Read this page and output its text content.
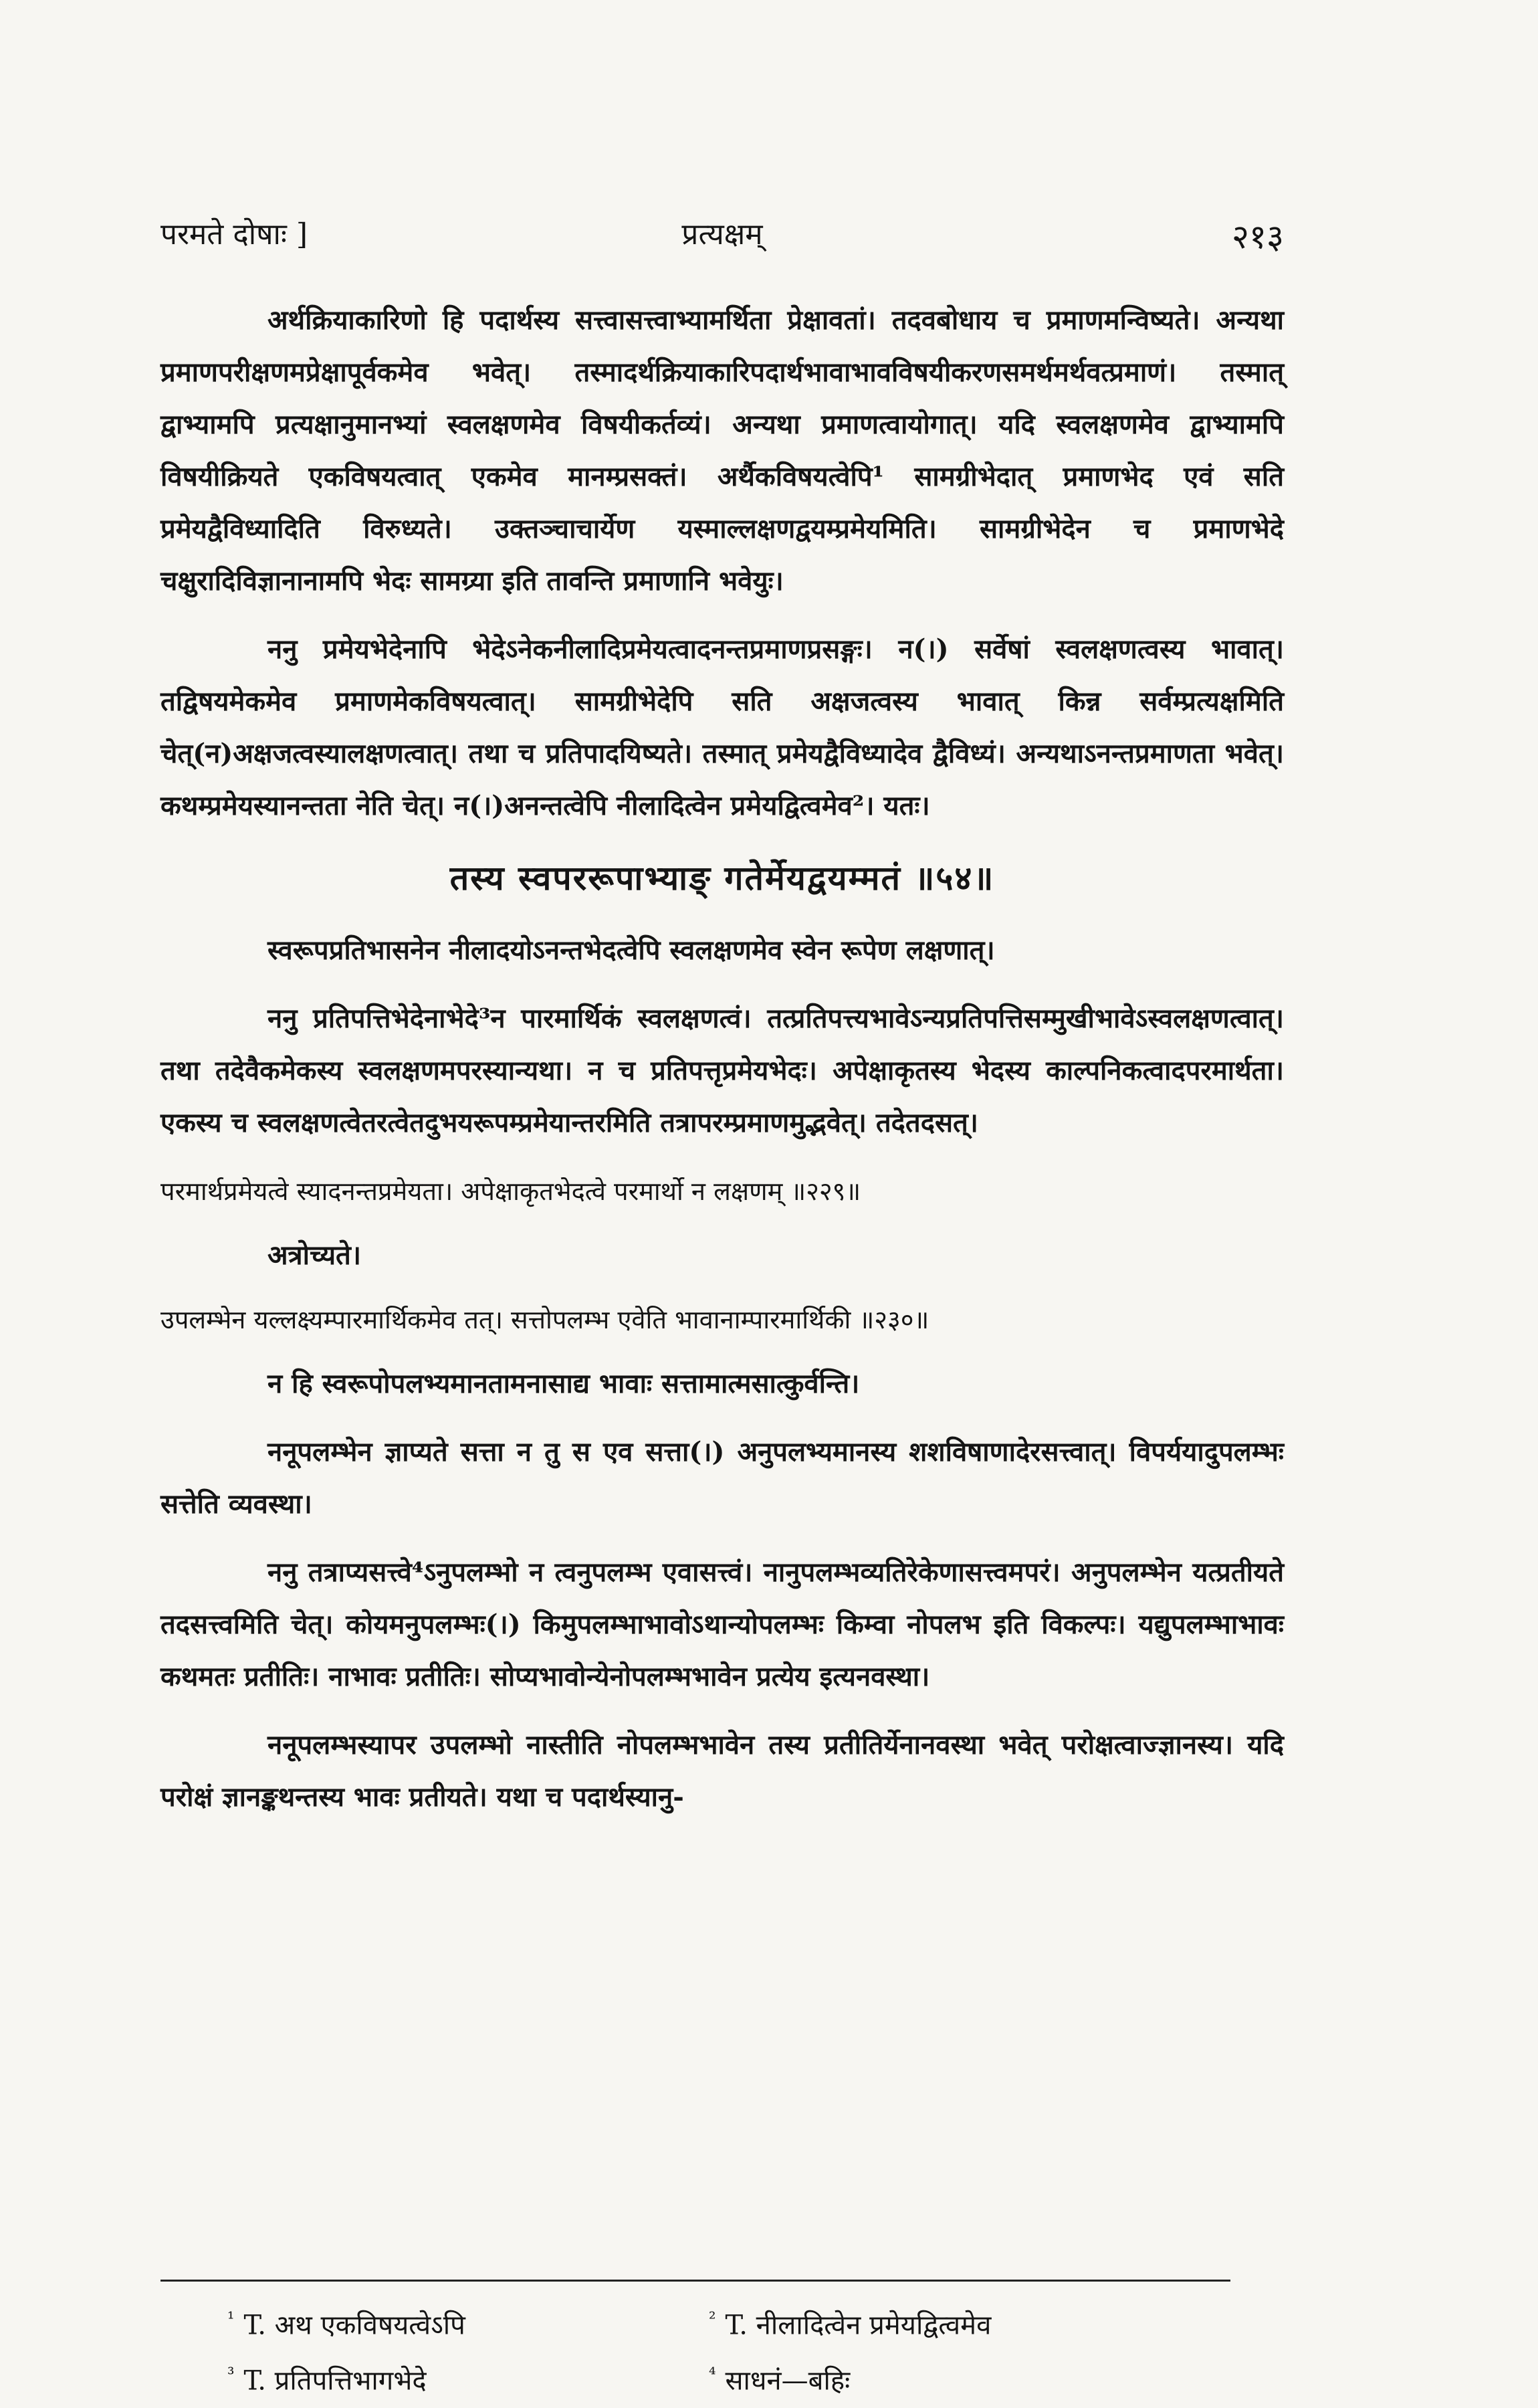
परमते दोषाः ]	प्रत्यक्षम्	२१३

अर्थक्रियाकारिणो हि पदार्थस्य सत्त्वासत्त्वाभ्यामर्थिता प्रेक्षावतां। तदवबोधाय च प्रमाणमन्विष्यते। अन्यथा प्रमाणपरीक्षणमप्रेक्षापूर्वकमेव भवेत्। तस्मादर्थक्रियाकारिपदार्थभावाभावविषयीकरणसमर्थमर्थवत्प्रमाणं। तस्मात् द्वाभ्यामपि प्रत्यक्षानुमानभ्यां स्वलक्षणमेव विषयीकर्तव्यं। अन्यथा प्रमाणत्वायोगात्। यदि स्वलक्षणमेव द्वाभ्यामपि विषयीक्रियते एकविषयत्वात् एकमेव मानम्प्रसक्तं। अर्थैकविषयत्वेपि¹ सामग्रीभेदात् प्रमाणभेद एवं सति प्रमेयद्वैविध्यादिति विरुध्यते। उक्तञ्चाचार्येण यस्माल्लक्षणद्वयम्प्रमेयमिति। सामग्रीभेदेन च प्रमाणभेदे चक्षुरादिविज्ञानानामपि भेदः सामग्र्या इति तावन्ति प्रमाणानि भवेयुः।

ननु प्रमेयभेदेनापि भेदेऽनेकनीलादिप्रमेयत्वादनन्तप्रमाणप्रसङ्गः। न(।) सर्वेषां स्वलक्षणत्वस्य भावात्। तद्विषयमेकमेव प्रमाणमेकविषयत्वात्। सामग्रीभेदेपि सति अक्षजत्वस्य भावात् किन्न सर्वम्प्रत्यक्षमिति चेत्(न)अक्षजत्वस्यालक्षणत्वात्। तथा च प्रतिपादयिष्यते। तस्मात् प्रमेयद्वैविध्यादेव द्वैविध्यं। अन्यथाऽनन्तप्रमाणता भवेत्। कथम्प्रमेयस्यानन्तता नेति चेत्। न(।)अनन्तत्वेपि नीलादित्वेन प्रमेयद्वित्वमेव²। यतः।

तस्य स्वपररूपाभ्याङ् गतेर्मेयद्वयम्मतं ॥५४॥

स्वरूपप्रतिभासनेन नीलादयोऽनन्तभेदत्वेपि स्वलक्षणमेव स्वेन रूपेण लक्षणात्।

ननु प्रतिपत्तिभेदेनाभेदे³न पारमार्थिकं स्वलक्षणत्वं। तत्प्रतिपत्त्यभावेऽन्यप्रतिपत्तिसम्मुखीभावेऽस्वलक्षणत्वात्। तथा तदेवैकमेकस्य स्वलक्षणमपरस्यान्यथा। न च प्रतिपत्तृप्रमेयभेदः। अपेक्षाकृतस्य भेदस्य काल्पनिकत्वादपरमार्थता। एकस्य च स्वलक्षणत्वेतरत्वेतदुभयरूपम्प्रमेयान्तरमिति तत्रापरम्प्रमाणमुद्भवेत्। तदेतदसत्।

परमार्थप्रमेयत्वे स्यादनन्तप्रमेयता। अपेक्षाकृतभेदत्वे परमार्थो न लक्षणम् ॥२२९॥
अत्रोच्यते।
उपलम्भेन यल्लक्ष्यम्पारमार्थिकमेव तत्। सत्तोपलम्भ एवेति भावानाम्पारमार्थिकी ॥२३०॥

न हि स्वरूपोपलभ्यमानतामनासाद्य भावाः सत्तामात्मसात्कुर्वन्ति।

ननूपलम्भेन ज्ञाप्यते सत्ता न तु स एव सत्ता(।) अनुपलभ्यमानस्य शशविषाणादेरसत्त्वात्। विपर्ययादुपलम्भः सत्तेति व्यवस्था।

ननु तत्राप्यसत्त्वे⁴ऽनुपलम्भो न त्वनुपलम्भ एवासत्त्वं। नानुपलम्भव्यतिरेकेणासत्त्वमपरं। अनुपलम्भेन यत्प्रतीयते तदसत्त्वमिति चेत्। कोयमनुपलम्भः(।) किमुपलम्भाभावोऽथान्योपलम्भः किम्वा नोपलभ इति विकल्पः। यद्युपलम्भाभावः कथमतः प्रतीतिः। नाभावः प्रतीतिः। सोप्यभावोन्येनोपलम्भभावेन प्रत्येय इत्यनवस्था।

ननूपलम्भस्यापर उपलम्भो नास्तीति नोपलम्भभावेन तस्य प्रतीतिर्येनानवस्था भवेत् परोक्षत्वाज्ज्ञानस्य। यदि परोक्षं ज्ञानङ्कथन्तस्य भावः प्रतीयते। यथा च पदार्थस्यानु-

$^{^1}$ T. अथ एकविषयत्वेऽपि	$^{^2}$ T. नीलादित्वेन प्रमेयद्वित्वमेव
$^{^3}$ T. प्रतिपत्तिभागभेदे	$^{^4}$ साधनं—बहिः
